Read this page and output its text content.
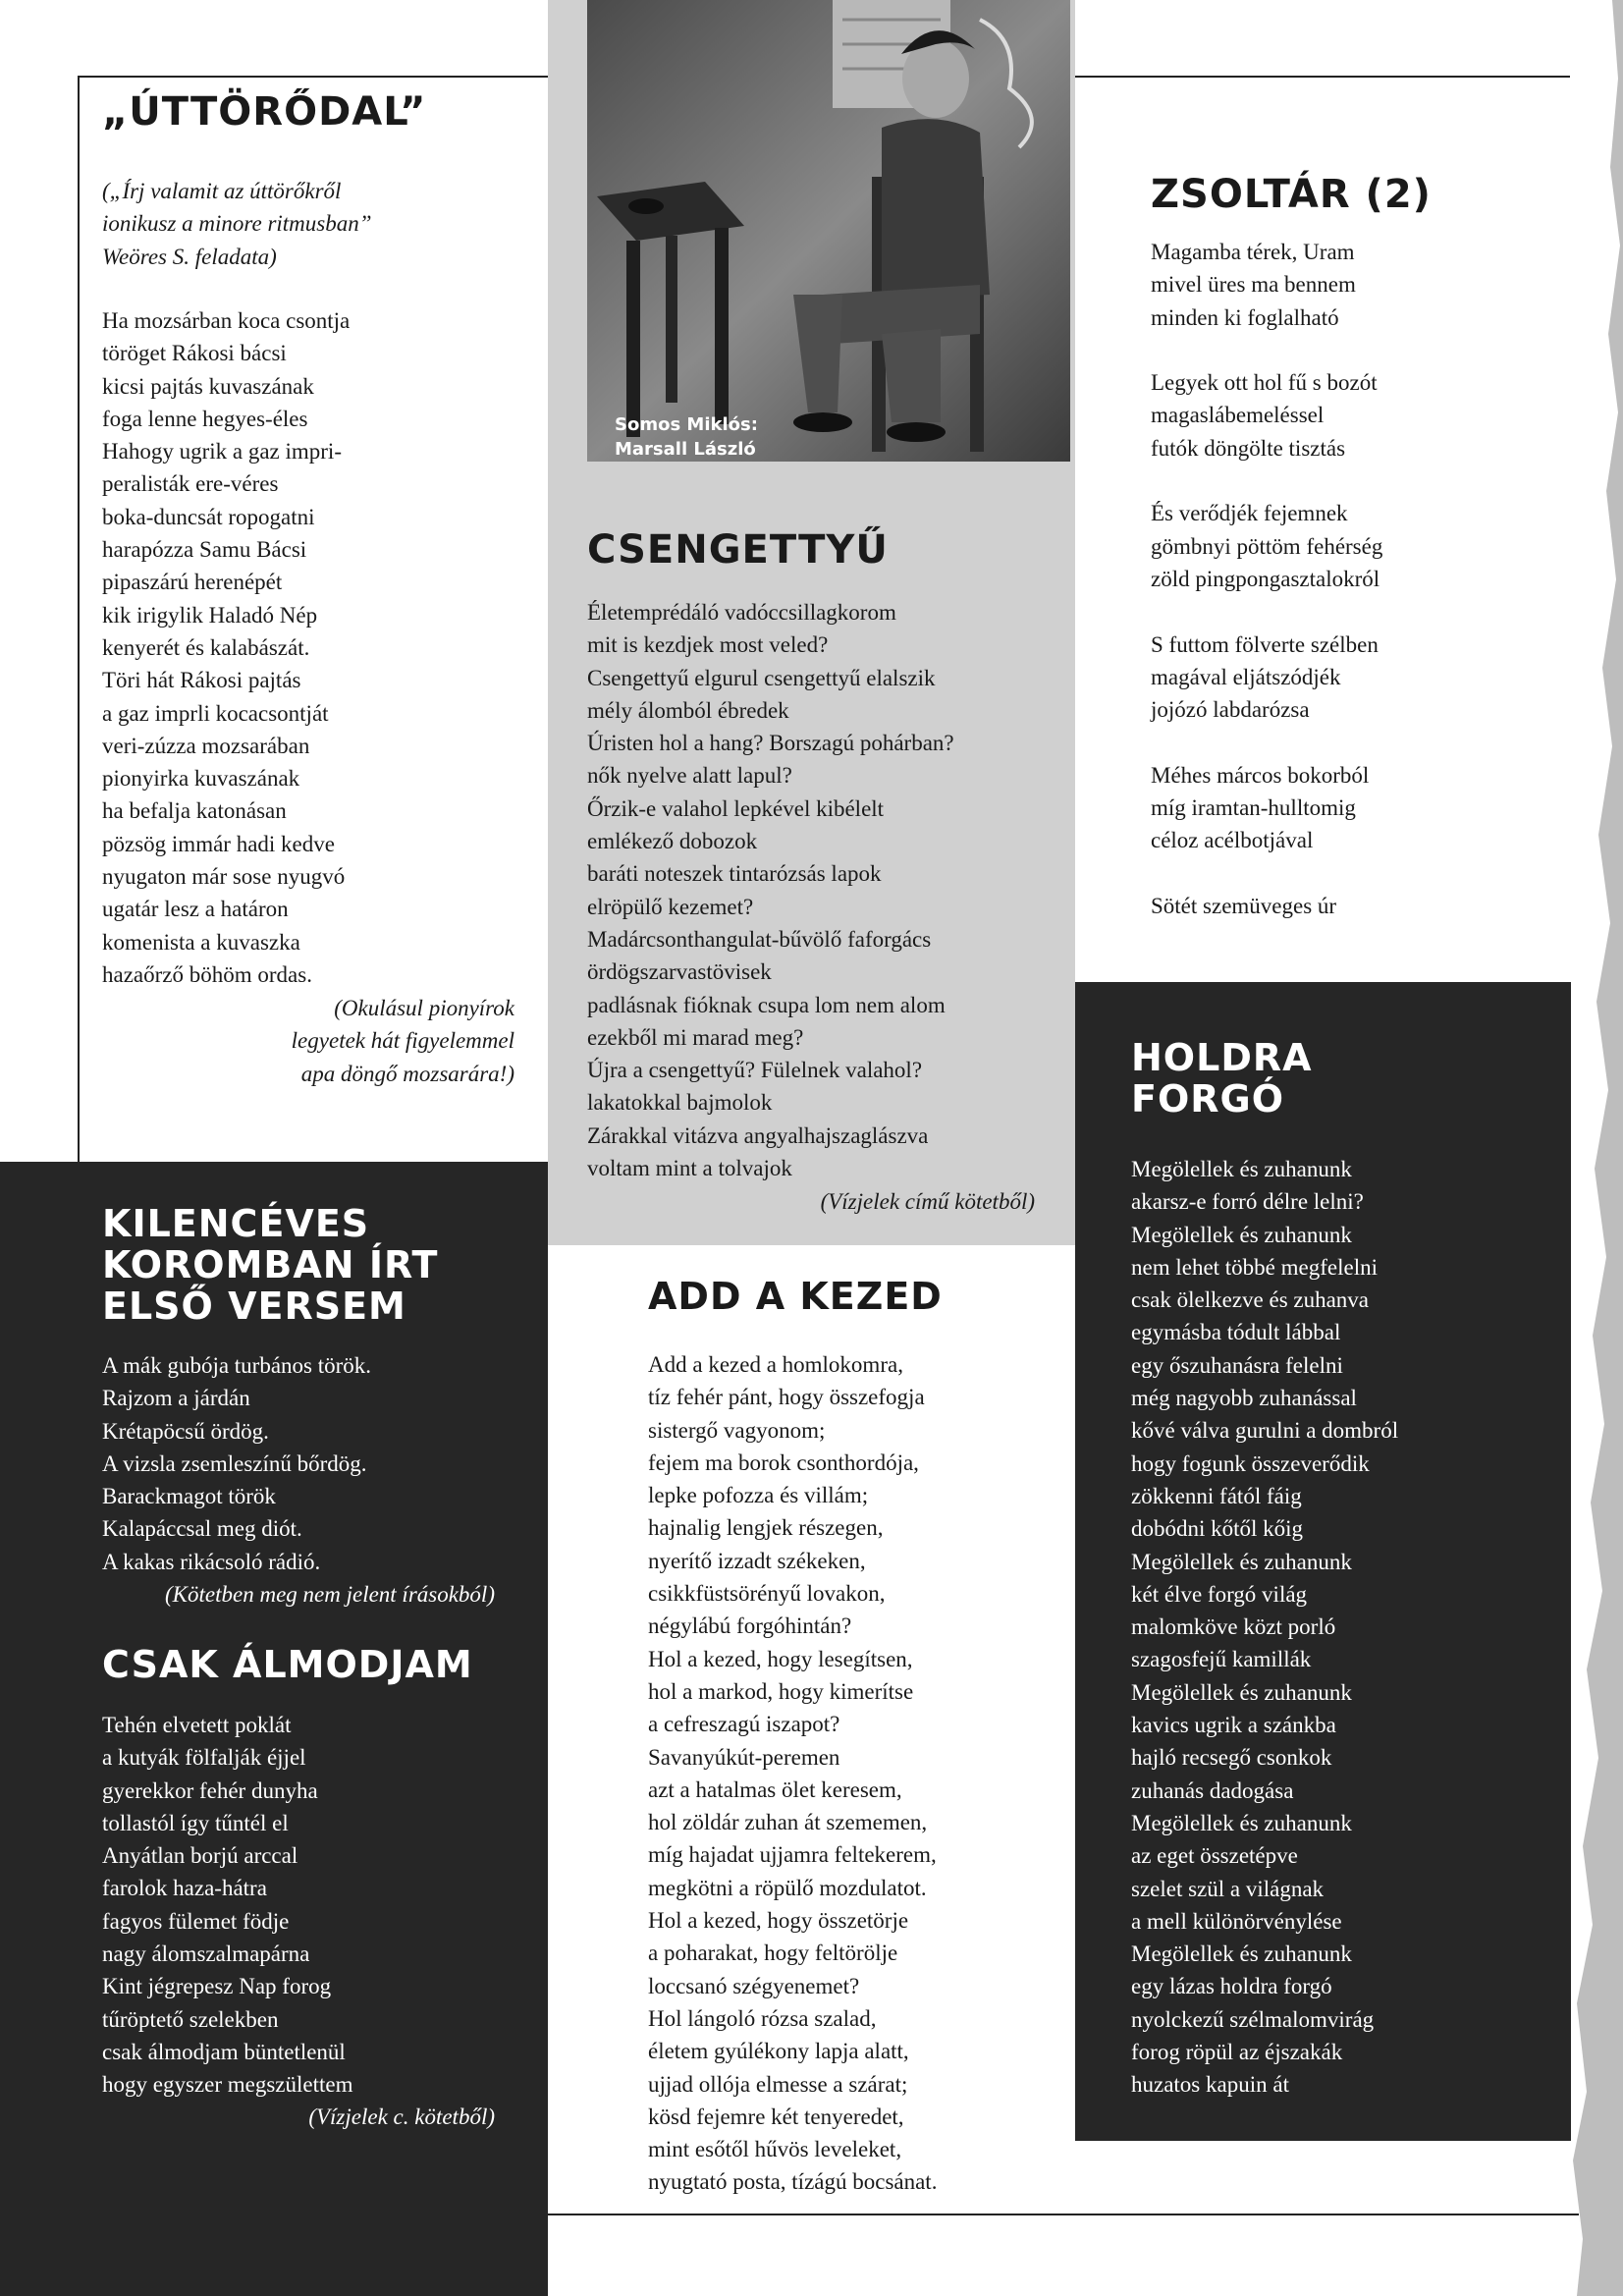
Somos Miklós:
Marsall László
„ÚTTÖRŐDAL”

(„Írj valamit az úttörőkről
ionikusz a minore ritmusban”
Weöres S. feladata)

Ha mozsárban koca csontja
töröget Rákosi bácsi
kicsi pajtás kuvaszának
foga lenne hegyes-éles
Hahogy ugrik a gaz impri-
peralisták ere-véres
boka-duncsát ropogatni
harapózza Samu Bácsi
pipaszárú herenépét
kik irigylik Haladó Nép
kenyerét és kalabászát.
Töri hát Rákosi pajtás
a gaz imprli kocacsontját
veri-zúzza mozsarában
pionyirka kuvaszának
ha befalja katonásan
pözsög immár hadi kedve
nyugaton már sose nyugvó
ugatár lesz a határon
komenista a kuvaszka
hazaőrző böhöm ordas.

(Okulásul pionyírok
legyetek hát figyelemmel
apa döngő mozsarára!)

KILENCÉVES KOROMBAN ÍRT ELSŐ VERSEM

A mák gubója turbános török.
Rajzom a járdán
Krétapöcsű ördög.
A vizsla zsemleszínű bőrdög.
Barackmagot török
Kalapáccsal meg diót.
A kakas rikácsoló rádió.

(Kötetben meg nem jelent írásokból)

CSAK ÁLMODJAM

Tehén elvetett poklát
a kutyák fölfalják éjjel
gyerekkor fehér dunyha
tollastól így tűntél el
Anyátlan borjú arccal
farolok haza-hátra
fagyos fülemet födje
nagy álomszalmapárna
Kint jégrepesz Nap forog
tűröptető szelekben
csak álmodjam büntetlenül
hogy egyszer megszülettem

(Vízjelek c. kötetből)

CSENGETTYŰ

Életemprédáló vadóccsillagkorom
mit is kezdjek most veled?
Csengettyű elgurul csengettyű elalszik
mély álomból ébredek
Úristen hol a hang? Borszagú pohárban?
nők nyelve alatt lapul?
Őrzik-e valahol lepkével kibélelt
emlékező dobozok
baráti noteszek tintarózsás lapok
elröpülő kezemet?
Madárcsonthangulat-bűvölő faforgács
ördögszarvastövisek
padlásnak fióknak csupa lom nem alom
ezekből mi marad meg?
Újra a csengettyű? Fülelnek valahol?
lakatokkal bajmolok
Zárakkal vitázva angyalhajszaglászva
voltam mint a tolvajok

(Vízjelek című kötetből)

ADD A KEZED

Add a kezed a homlokomra,
tíz fehér pánt, hogy összefogja
sistergő vagyonom;
fejem ma borok csonthordója,
lepke pofozza és villám;
hajnalig lengjek részegen,
nyerítő izzadt székeken,
csikkfüstsörényű lovakon,
négylábú forgóhintán?
Hol a kezed, hogy lesegítsen,
hol a markod, hogy kimerítse
a cefreszagú iszapot?
Savanyúkút-peremen
azt a hatalmas ölet keresem,
hol zöldár zuhan át szememen,
míg hajadat ujjamra feltekerem,
megkötni a röpülő mozdulatot.
Hol a kezed, hogy összetörje
a poharakat, hogy feltörölje
loccsanó szégyenemet?
Hol lángoló rózsa szalad,
életem gyúlékony lapja alatt,
ujjad ollója elmesse a szárat;
kösd fejemre két tenyeredet,
mint esőtől hűvös leveleket,
nyugtató posta, tízágú bocsánat.

ZSOLTÁR (2)

Magamba térek, Uram
mivel üres ma bennem
minden ki foglalható

Legyek ott hol fű s bozót
magaslábemeléssel
futók döngölte tisztás

És verődjék fejemnek
gömbnyi pöttöm fehérség
zöld pingpongasztalokról

S futtom fölverte szélben
magával eljátszódjék
jojózó labdarózsa

Méhes márcos bokorból
míg iramtan-hulltomig
céloz acélbotjával

Sötét szemüveges úr

HOLDRA FORGÓ

Megölellek és zuhanunk
akarsz-e forró délre lelni?
Megölellek és zuhanunk
nem lehet többé megfelelni
csak ölelkezve és zuhanva
egymásba tódult lábbal
egy őszuhanásra felelni
még nagyobb zuhanással
kővé válva gurulni a dombról
hogy fogunk összeverődik
zökkenni fától fáig
dobódni kőtől kőig
Megölellek és zuhanunk
két élve forgó világ
malomköve közt porló
szagosfejű kamillák
Megölellek és zuhanunk
kavics ugrik a szánkba
hajló recsegő csonkok
zuhanás dadogása
Megölellek és zuhanunk
az eget összetépve
szelet szül a világnak
a mell különörvénylése
Megölellek és zuhanunk
egy lázas holdra forgó
nyolckezű szélmalomvirág
forog röpül az éjszakák
huzatos kapuin át
